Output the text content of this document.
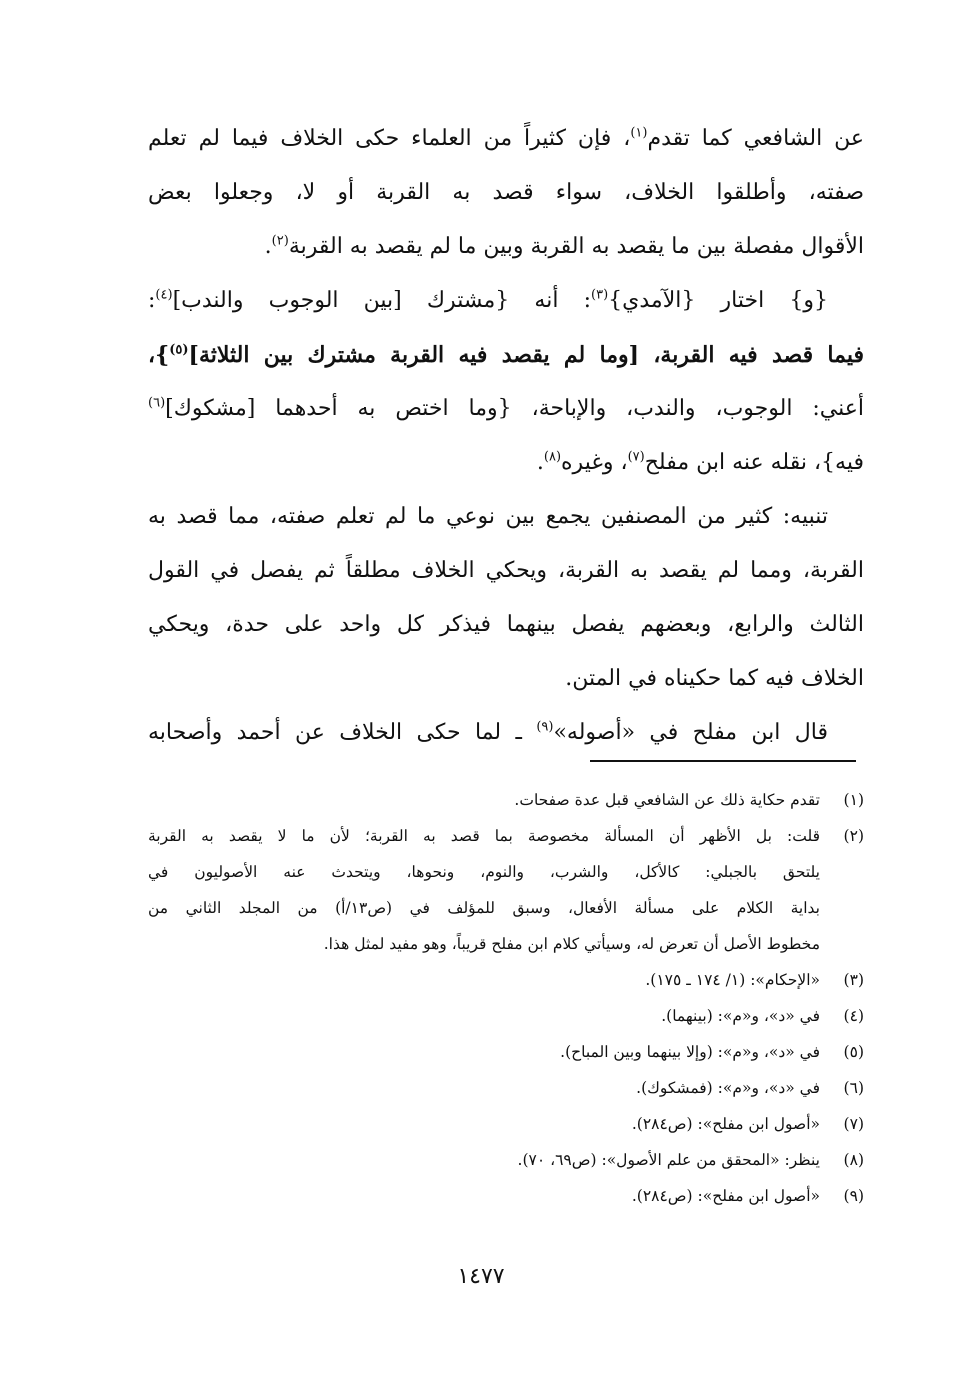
عن الشافعي كما تقدم$^{(١)}$، فإن كثيراً من العلماء حكى الخلاف فيما لم تعلم
صفته، وأطلقوا الخلاف، سواء قصد به القربة أو لا، وجعلوا بعض
الأقوال مفصلة بين ما يقصد به القربة وبين ما لم يقصد به القربة$^{(٢)}$.
{و} اختار {الآمدي}$^{(٣)}$: أنه {مشترك [بين الوجوب والندب]$^{(٤)}$:
فيما قصد فيه القربة، [وما لم يقصد فيه القربة مشترك بين الثلاثة]$^{(٥)}$}،
أعني: الوجوب، والندب، والإباحة، {وما اختص به أحدهما [مشكوك]$^{(٦)}$
فيه}، نقله عنه ابن مفلح$^{(٧)}$، وغيره$^{(٨)}$.
تنبيه: كثير من المصنفين يجمع بين نوعي ما لم تعلم صفته، مما قصد به
القربة، ومما لم يقصد به القربة، ويحكي الخلاف مطلقاً ثم يفصل في القول
الثالث والرابع، وبعضهم يفصل بينهما فيذكر كل واحد على حدة، ويحكي
الخلاف فيه كما حكيناه في المتن.
قال ابن مفلح في «أصوله»$^{(٩)}$ ـ لما حكى الخلاف عن أحمد وأصحابه
(١)
تقدم حكاية ذلك عن الشافعي قبل عدة صفحات.
(٢)
قلت: بل الأظهر أن المسألة مخصوصة بما قصد به القربة؛ لأن ما لا يقصد به القربة
يلتحق بالجبلي: كالأكل، والشرب، والنوم، ونحوها، ويتحدث عنه الأصوليون في
بداية الكلام على مسألة الأفعال، وسبق للمؤلف في (ص١٣/أ) من المجلد الثاني من
مخطوط الأصل أن تعرض له، وسيأتي كلام ابن مفلح قريباً، وهو مفيد لمثل هذا.
(٣)
«الإحكام»: (١/ ١٧٤ ـ ١٧٥).
(٤)
في «د»، و«م»: (بينهما).
(٥)
في «د»، و«م»: (وإلا بينهما وبين المباح).
(٦)
في «د»، و«م»: (فمشكوك).
(٧)
«أصول ابن مفلح»: (ص٢٨٤).
(٨)
ينظر: «المحقق من علم الأصول»: (ص٦٩، ٧٠).
(٩)
«أصول ابن مفلح»: (ص٢٨٤).
١٤٧٧
